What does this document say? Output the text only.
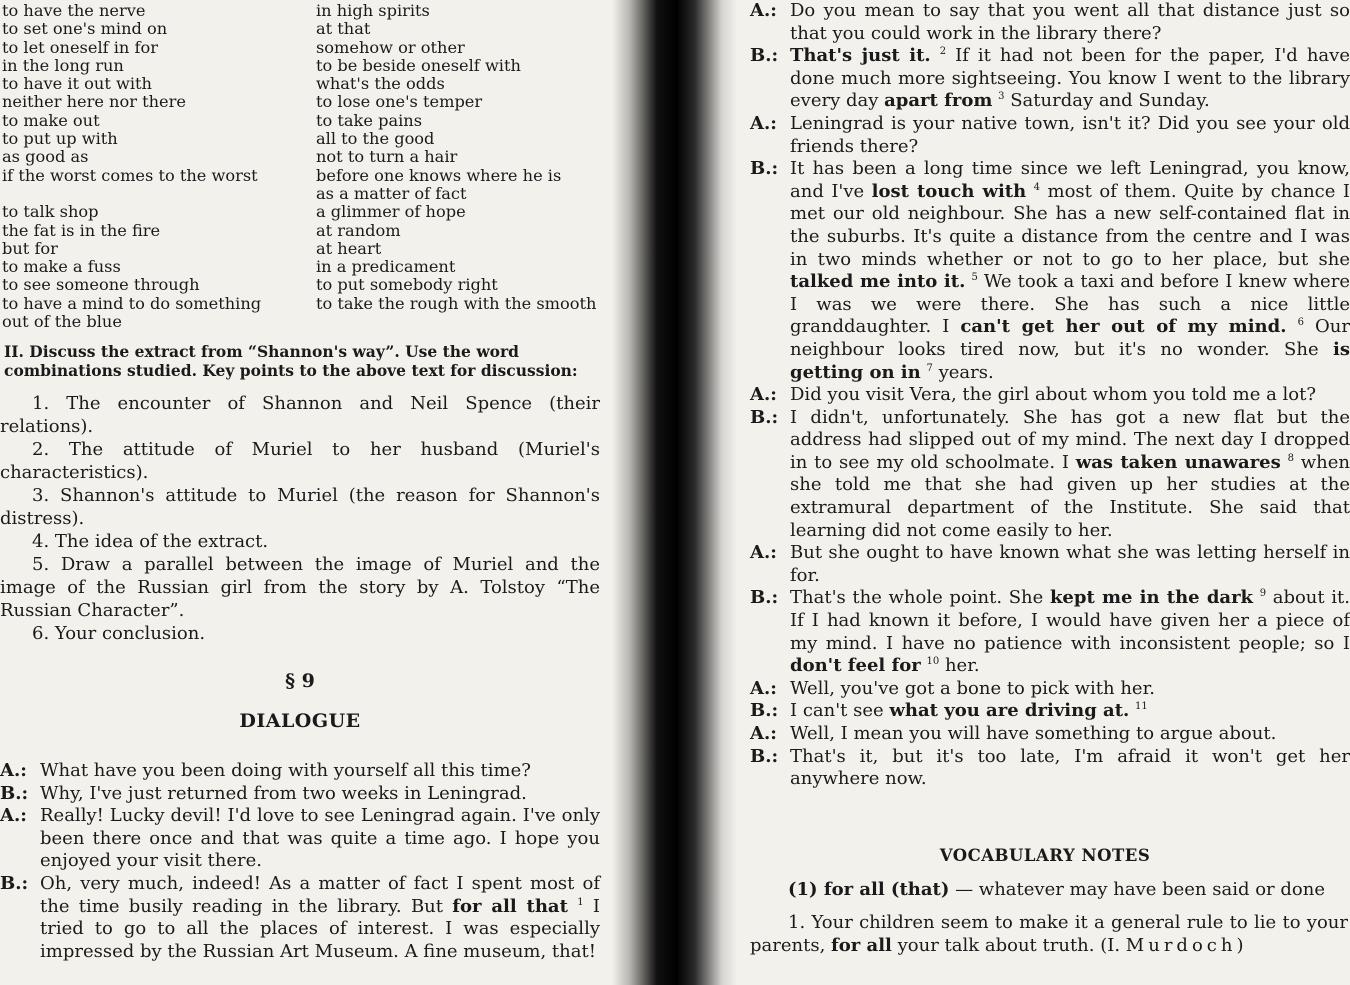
to have the nerve
to set one's mind on
to let oneself in for
in the long run
to have it out with
neither here nor there
to make out
to put up with
as good as
if the worst comes to the worst
to talk shop
the fat is in the fire
but for
to make a fuss
to see someone through
to have a mind to do something
out of the blue
in high spirits
at that
somehow or other
to be beside oneself with
what's the odds
to lose one's temper
to take pains
all to the good
not to turn a hair
before one knows where he is
as a matter of fact
a glimmer of hope
at random
at heart
in a predicament
to put somebody right
to take the rough with the smooth

II. Discuss the extract from “Shannon's way”. Use the word combinations studied. Key points to the above text for discussion:

1. The encounter of Shannon and Neil Spence (their relations).

2. The attitude of Muriel to her husband (Muriel's characteristics).

3. Shannon's attitude to Muriel (the reason for Shannon's distress).

4. The idea of the extract.

5. Draw a parallel between the image of Muriel and the image of the Russian girl from the story by A. Tolstoy “The Russian Character”.

6. Your conclusion.

§ 9
DIALOGUE
A.: What have you been doing with yourself all this time?

B.: Why, I've just returned from two weeks in Leningrad.

A.: Really! Lucky devil! I'd love to see Leningrad again. I've only been there once and that was quite a time ago. I hope you enjoyed your visit there.

B.: Oh, very much, indeed! As a matter of fact I spent most of the time busily reading in the library. But for all that $^1$ I tried to go to all the places of interest. I was especially impressed by the Russian Art Museum. A fine museum, that!

A.: Do you mean to say that you went all that distance just so that you could work in the library there?

B.: That's just it. $^2$ If it had not been for the paper, I'd have done much more sightseeing. You know I went to the library every day apart from $^3$ Saturday and Sunday.

A.: Leningrad is your native town, isn't it? Did you see your old friends there?

B.: It has been a long time since we left Leningrad, you know, and I've lost touch with $^4$ most of them. Quite by chance I met our old neighbour. She has a new self-contained flat in the suburbs. It's quite a distance from the centre and I was in two minds whether or not to go to her place, but she talked me into it. $^5$ We took a taxi and before I knew where I was we were there. She has such a nice little granddaughter. I can't get her out of my mind. $^6$ Our neighbour looks tired now, but it's no wonder. She is getting on in $^7$ years.

A.: Did you visit Vera, the girl about whom you told me a lot?

B.: I didn't, unfortunately. She has got a new flat but the address had slipped out of my mind. The next day I dropped in to see my old schoolmate. I was taken unawares $^8$ when she told me that she had given up her studies at the extramural department of the Institute. She said that learning did not come easily to her.

A.: But she ought to have known what she was letting herself in for.

B.: That's the whole point. She kept me in the dark $^9$ about it. If I had known it before, I would have given her a piece of my mind. I have no patience with inconsistent people; so I don't feel for $^{10}$ her.

A.: Well, you've got a bone to pick with her.

B.: I can't see what you are driving at. $^{11}$

A.: Well, I mean you will have something to argue about.

B.: That's it, but it's too late, I'm afraid it won't get her anywhere now.

VOCABULARY NOTES

(1) for all (that) — whatever may have been said or done

1. Your children seem to make it a general rule to lie to your parents, for all your talk about truth. (I. Murdoch)
